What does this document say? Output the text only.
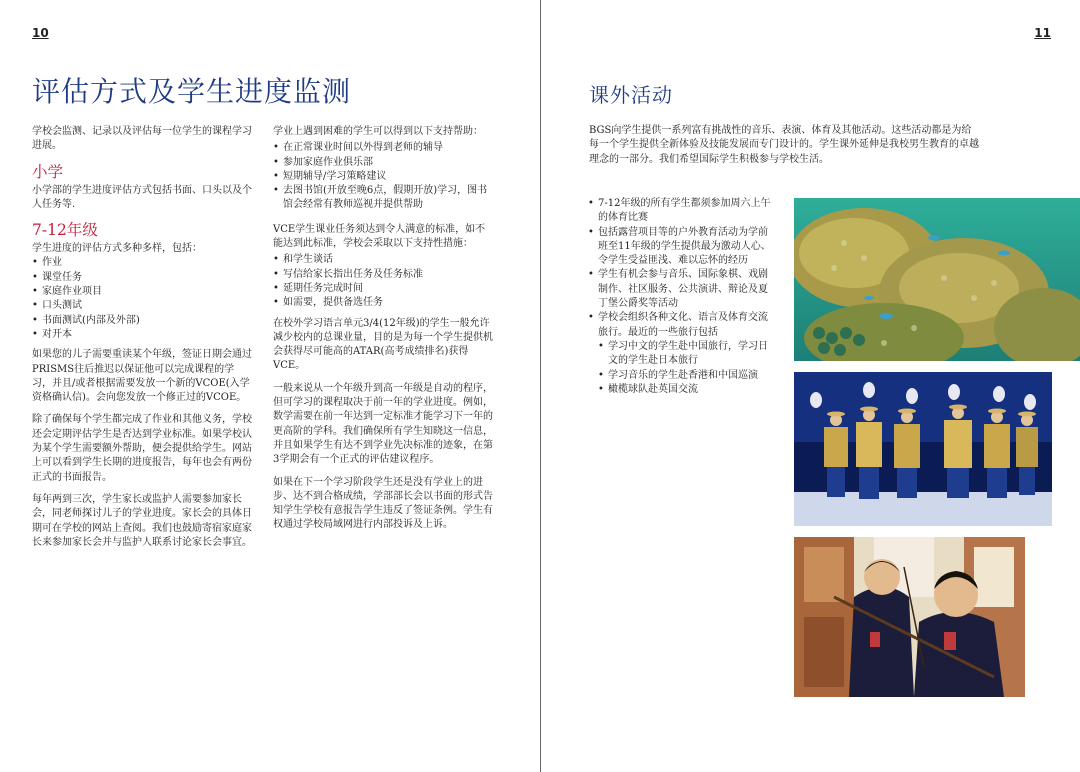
10
评估方式及学生进度监测

学校会监测、记录以及评估每一位学生的课程学习进展。

小学

小学部的学生进度评估方式包括书面、口头以及个人任务等.

7-12年级

学生进度的评估方式多种多样，包括：

• 作业
• 课堂任务
• 家庭作业项目
• 口头测试
• 书面测试(内部及外部)
• 对开本

如果您的儿子需要重读某个年级，签证日期会通过PRISMS往后推迟以保证他可以完成课程的学习，并且/或者根据需要发放一个新的VCOE(入学资格确认信)。会向您发放一个修正过的VCOE。

除了确保每个学生都完成了作业和其他义务，学校还会定期评估学生是否达到学业标准。如果学校认为某个学生需要额外帮助，便会提供给学生。网站上可以看到学生长期的进度报告，每年也会有两份正式的书面报告。

每年两到三次，学生家长或监护人需要参加家长会，同老师探讨儿子的学业进度。家长会的具体日期可在学校的网站上查阅。我们也鼓励寄宿家庭家长来参加家长会并与监护人联系讨论家长会事宜。

学业上遇到困难的学生可以得到以下支持帮助：

• 在正常课业时间以外得到老师的辅导
• 参加家庭作业俱乐部
• 短期辅导/学习策略建议
• 去图书馆(开放至晚6点，假期开放)学习，图书馆会经常有教师巡视并提供帮助

VCE学生课业任务须达到令人满意的标准，如不能达到此标准，学校会采取以下支持性措施：

• 和学生谈话
• 写信给家长指出任务及任务标准
• 延期任务完成时间
• 如需要，提供备选任务

在校外学习语言单元3/4(12年级)的学生一般允许减少校内的总课业量，目的是为每一个学生提供机会获得尽可能高的ATAR(高考成绩排名)获得VCE。

一般来说从一个年级升到高一年级是自动的程序，但可学习的课程取决于前一年的学业进度。例如，数学需要在前一年达到一定标准才能学习下一年的更高阶的学科。我们确保所有学生知晓这一信息，并且如果学生有达不到学业先决标准的迹象，在第3学期会有一个正式的评估建议程序。

如果在下一个学习阶段学生还是没有学业上的进步、达不到合格成绩，学部部长会以书面的形式告知学生学校有意报告学生违反了签证条例。学生有权通过学校局域网进行内部投诉及上诉。

11
课外活动

BGS向学生提供一系列富有挑战性的音乐、表演、体育及其他活动。这些活动都是为给每一个学生提供全新体验及技能发展而专门设计的。学生课外延伸是我校男生教育的卓越理念的一部分。我们希望国际学生积极参与学校生活。

• 7-12年级的所有学生都须参加周六上午的体育比赛
• 包括露营项目等的户外教育活动为学前班至11年级的学生提供最为激动人心、令学生受益匪浅、难以忘怀的经历
• 学生有机会参与音乐、国际象棋、戏剧制作、社区服务、公共演讲、辩论及夏丁堡公爵奖等活动
• 学校会组织各种文化、语言及体育交流旅行。最近的一些旅行包括
• 学习中文的学生赴中国旅行，学习日文的学生赴日本旅行
• 学习音乐的学生赴香港和中国巡演
• 橄榄球队赴英国交流
